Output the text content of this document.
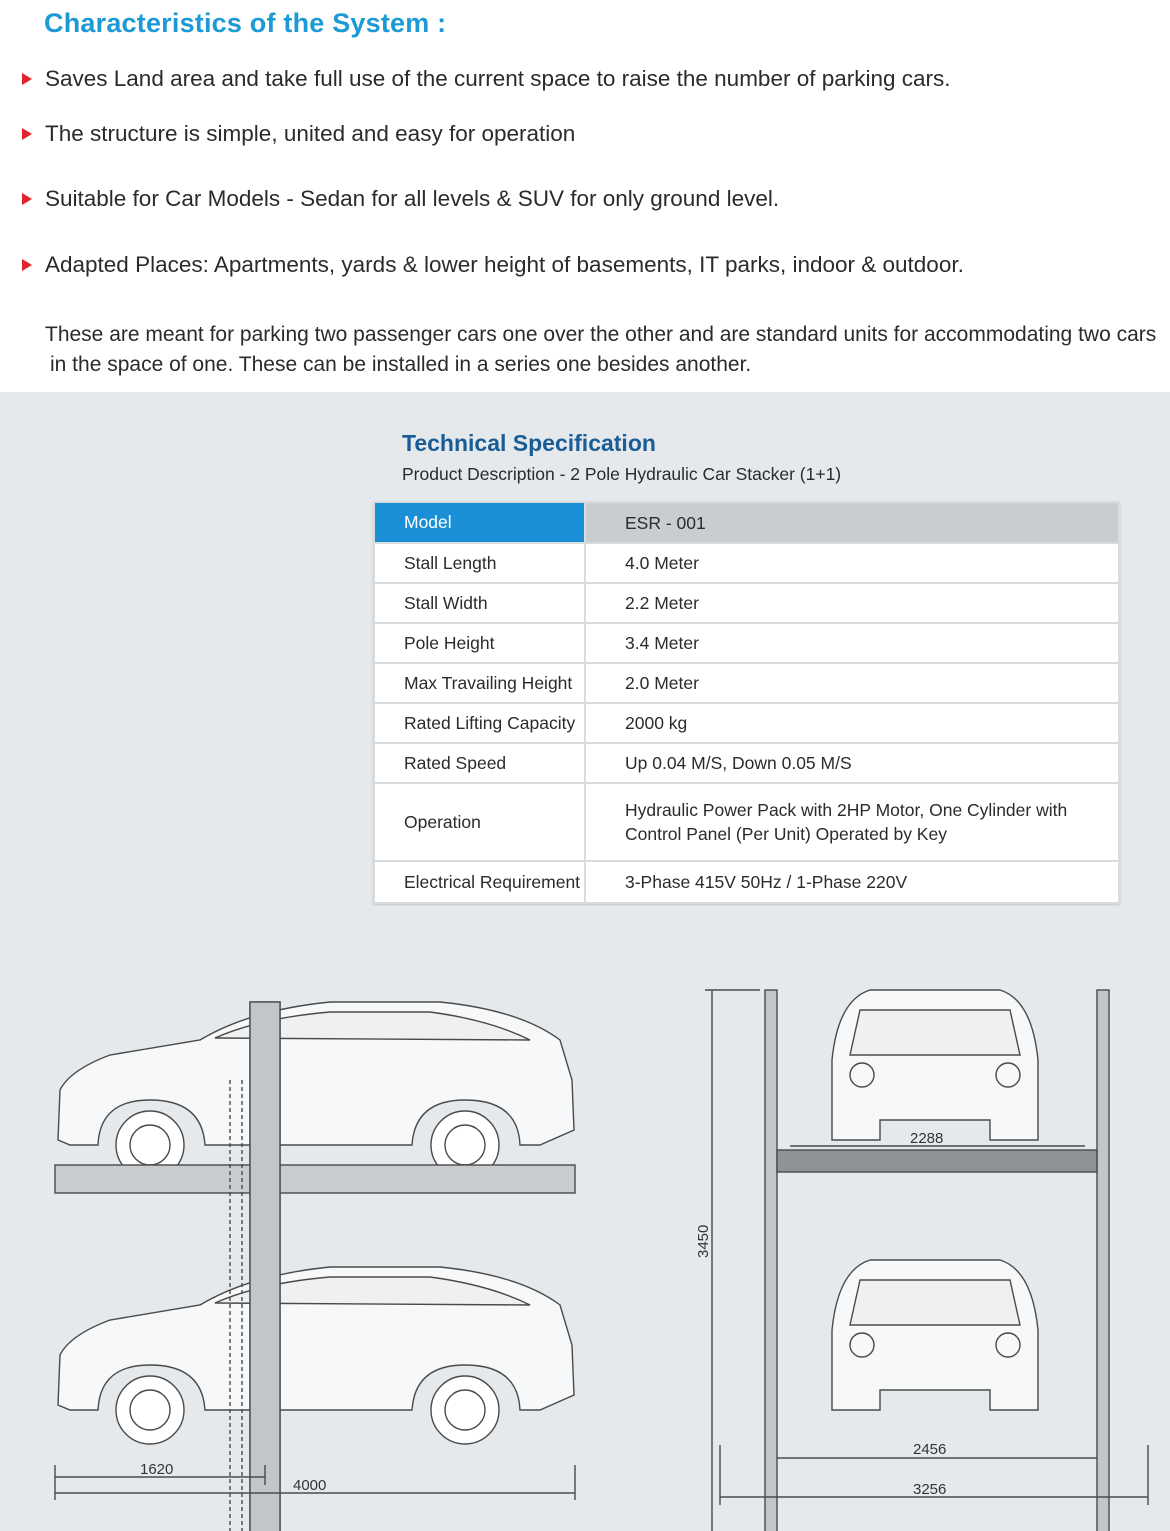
Characteristics of the System :
Saves Land area and take full use of the current space to raise the number of parking cars.
The structure is simple, united and easy for operation
Suitable for Car Models - Sedan for all levels & SUV for only ground level.
Adapted Places: Apartments, yards & lower height of basements, IT parks, indoor & outdoor.
These are meant for parking two passenger cars one over the other and are standard units for accommodating two cars
in the space of one. These can be installed in a series one besides another.
Technical Specification
Product Description - 2 Pole Hydraulic Car Stacker (1+1)
Model	ESR - 001
Stall Length	4.0 Meter
Stall Width	2.2 Meter
Pole Height	3.4 Meter
Max Travailing Height	2.0 Meter
Rated Lifting Capacity	2000 kg
Rated Speed	Up 0.04 M/S, Down 0.05 M/S
Operation	Hydraulic Power Pack with 2HP Motor, One Cylinder with
Control Panel (Per Unit) Operated by Key

Electrical Requirement	3-Phase 415V 50Hz / 1-Phase 220V
1620
4000
2288
3450
2456
3256
